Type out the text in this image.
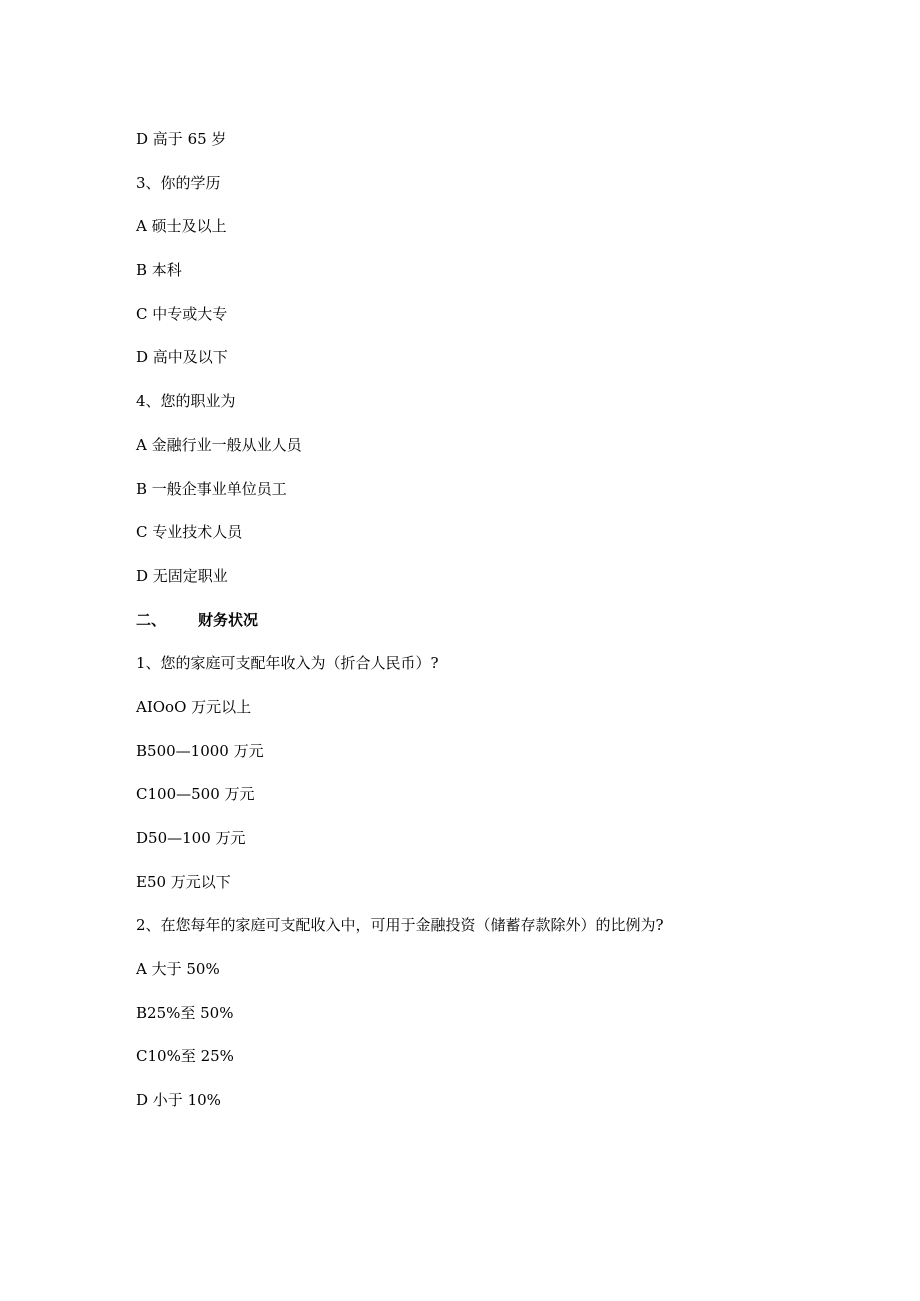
D 高于 65 岁
3、你的学历
A 硕士及以上
B 本科
C 中专或大专
D 高中及以下
4、您的职业为
A 金融行业一般从业人员
B 一般企事业单位员工
C 专业技术人员
D 无固定职业
二、 财务状况
1、您的家庭可支配年收入为（折合人民币）?
AIOoO 万元以上
B500—1000 万元
C100—500 万元
D50—100 万元
E50 万元以下
2、在您每年的家庭可支配收入中，可用于金融投资（储蓄存款除外）的比例为?
A 大于 50%
B25%至 50%
C10%至 25%
D 小于 10%
